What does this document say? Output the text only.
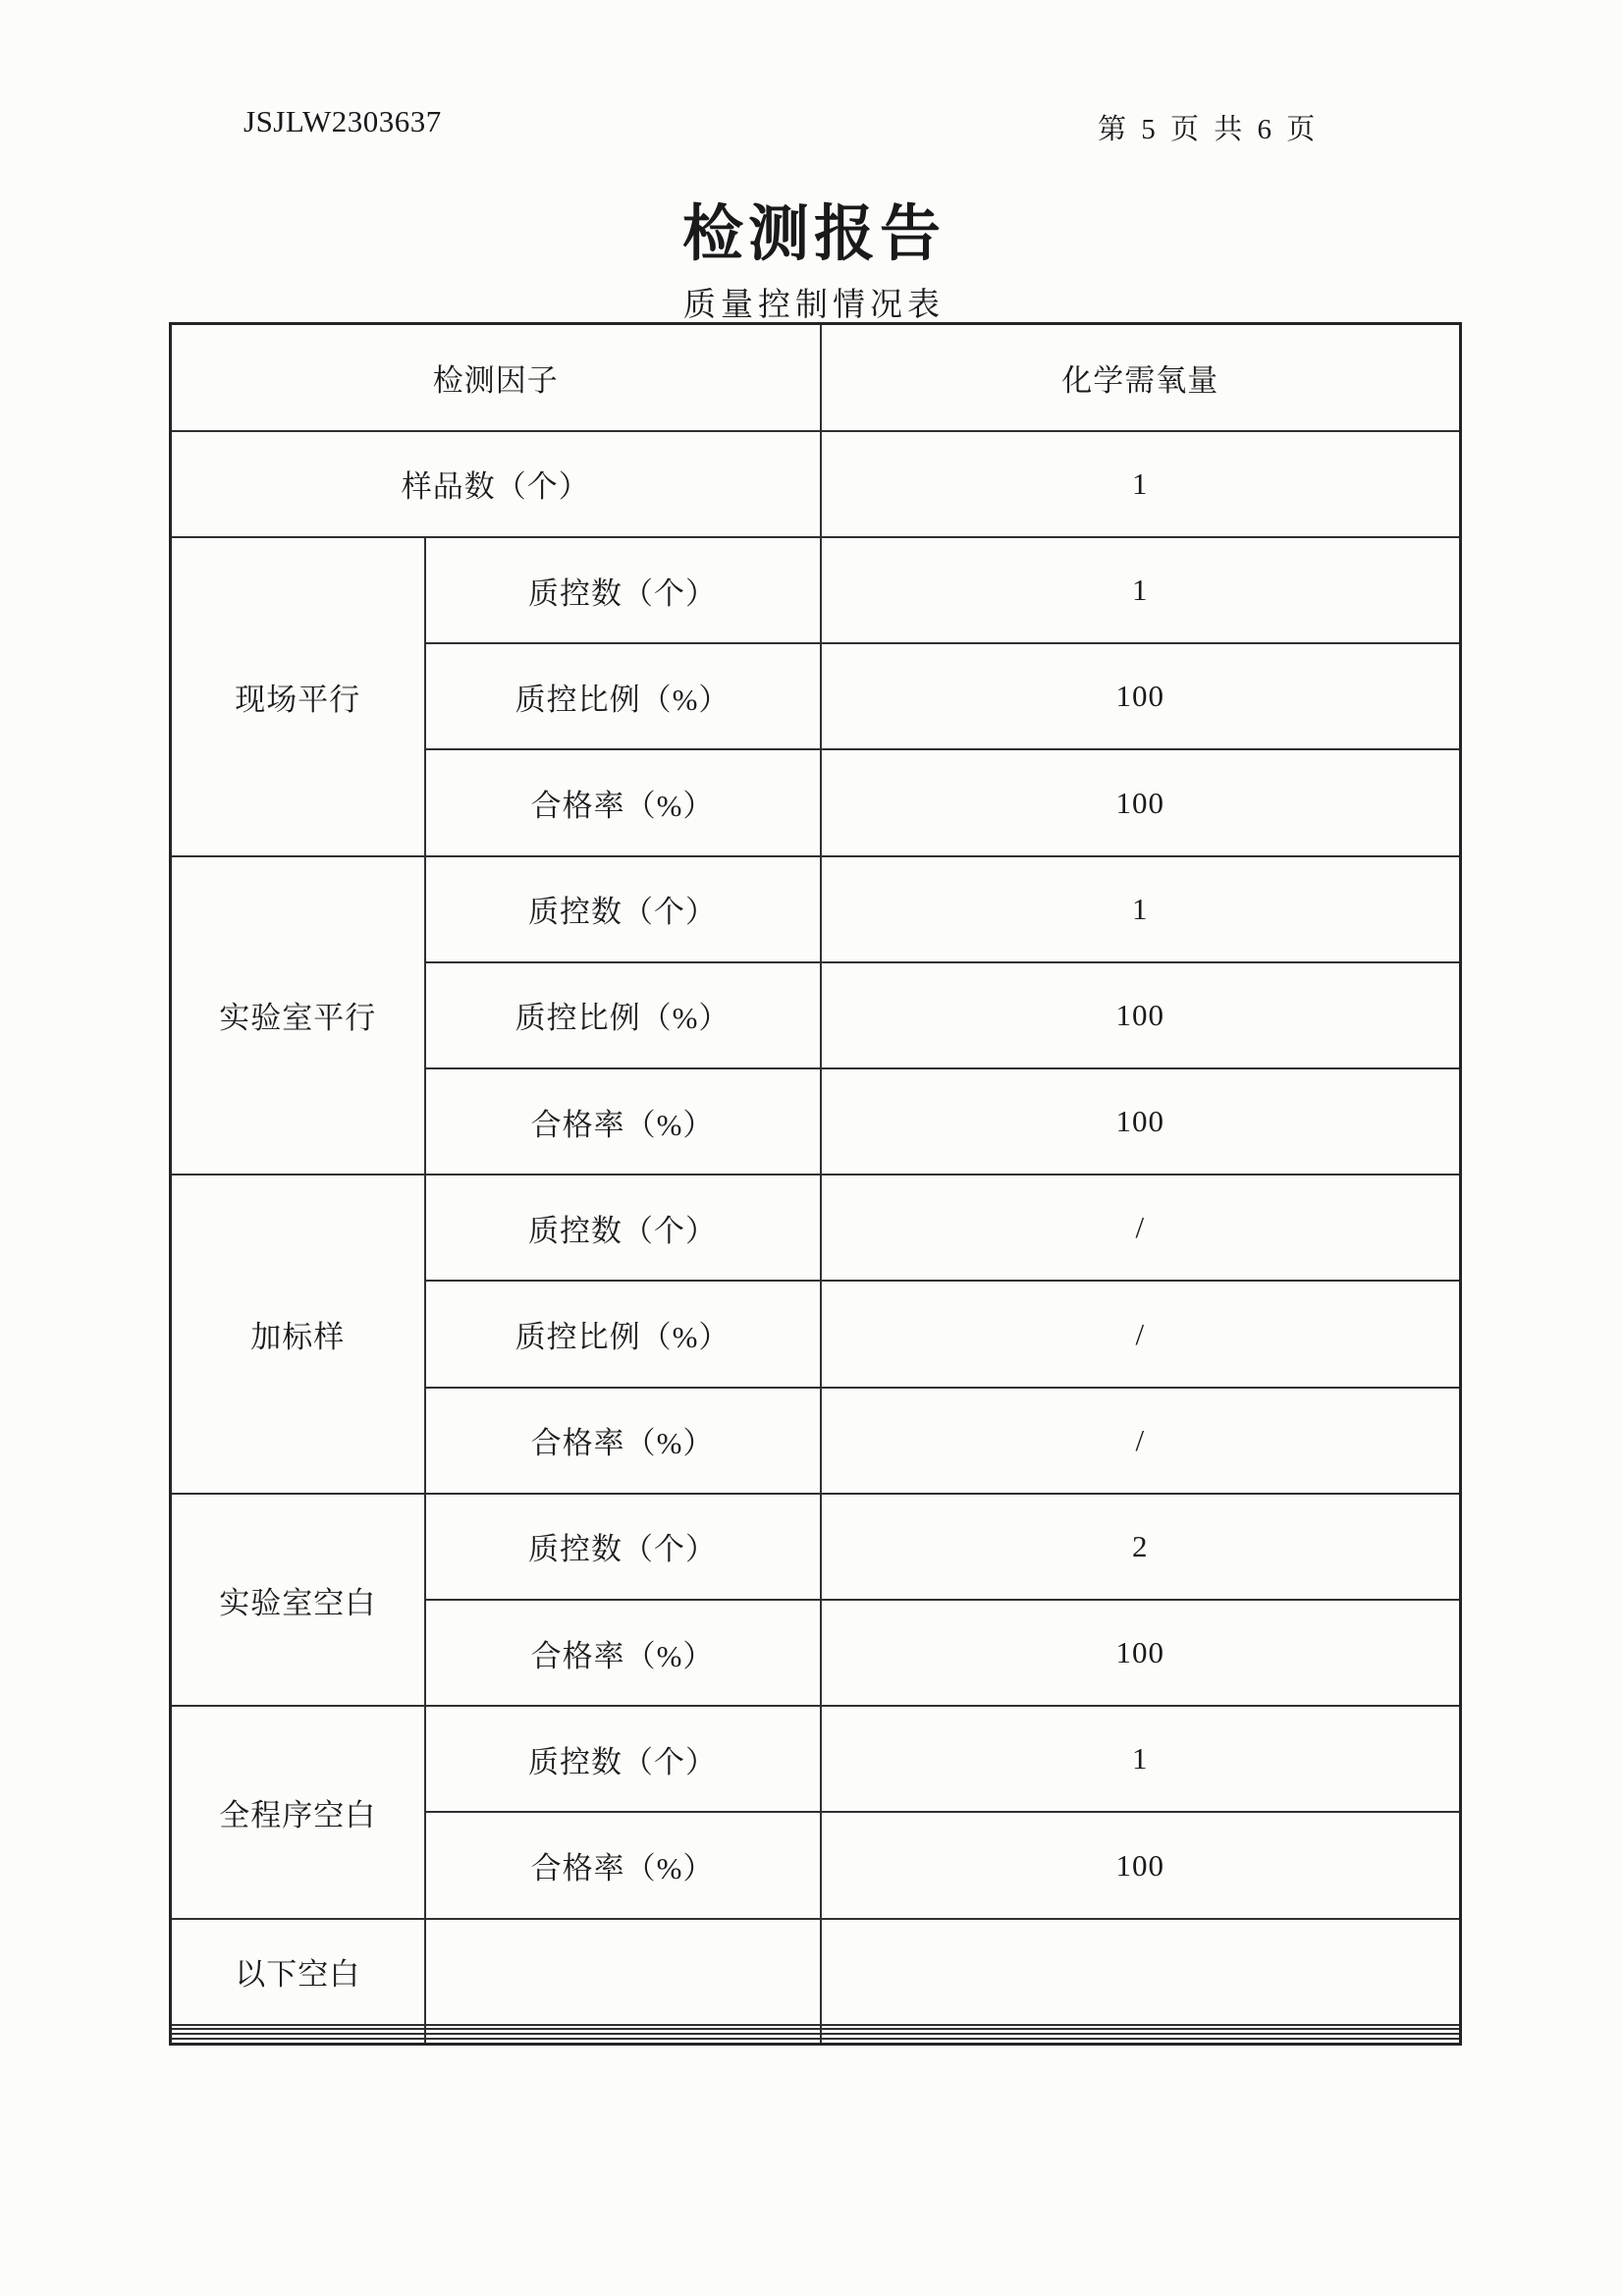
JSJLW2303637	第 5 页 共 6 页
检测报告
质量控制情况表
检测因子		化学需氧量
样品数（个）		1
现场平行	质控数（个）	1
	质控比例（%）	100
	合格率（%）	100
实验室平行	质控数（个）	1
	质控比例（%）	100
	合格率（%）	100
加标样	质控数（个）	/
	质控比例（%）	/
	合格率（%）	/
实验室空白	质控数（个）	2
	合格率（%）	100
全程序空白	质控数（个）	1
	合格率（%）	100
以下空白		
